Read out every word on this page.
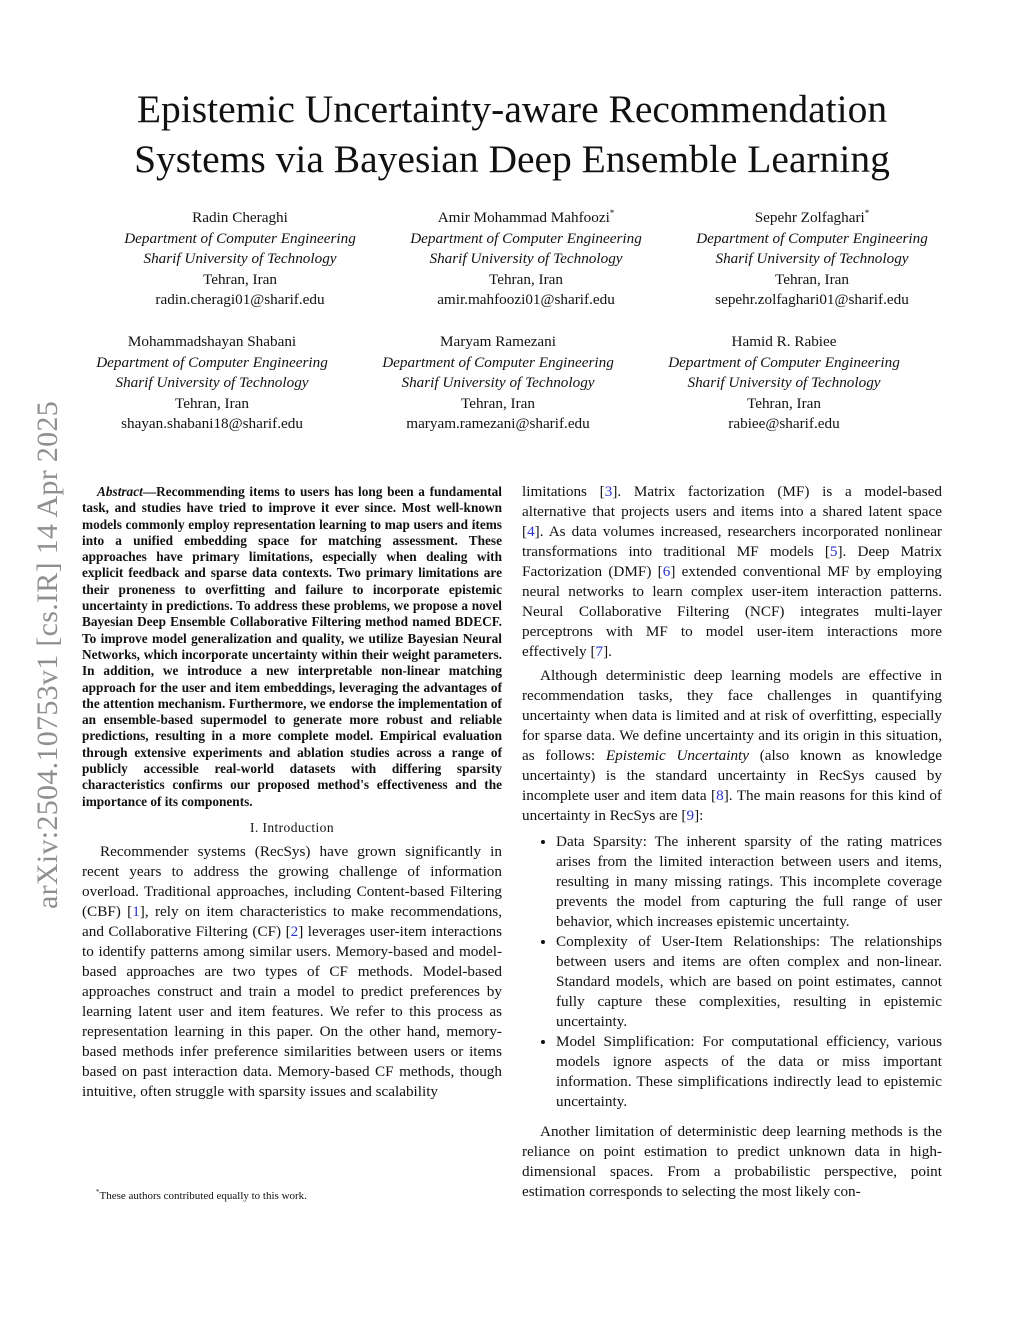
Epistemic Uncertainty-aware Recommendation
Systems via Bayesian Deep Ensemble Learning
arXiv:2504.10753v1 [cs.IR] 14 Apr 2025
Radin Cheraghi
Department of Computer Engineering
Sharif University of Technology
Tehran, Iran
radin.cheragi01@sharif.edu
Amir Mohammad Mahfoozi*
Department of Computer Engineering
Sharif University of Technology
Tehran, Iran
amir.mahfoozi01@sharif.edu
Sepehr Zolfaghari*
Department of Computer Engineering
Sharif University of Technology
Tehran, Iran
sepehr.zolfaghari01@sharif.edu
Mohammadshayan Shabani
Department of Computer Engineering
Sharif University of Technology
Tehran, Iran
shayan.shabani18@sharif.edu
Maryam Ramezani
Department of Computer Engineering
Sharif University of Technology
Tehran, Iran
maryam.ramezani@sharif.edu
Hamid R. Rabiee
Department of Computer Engineering
Sharif University of Technology
Tehran, Iran
rabiee@sharif.edu

Abstract—Recommending items to users has long been a fundamental task, and studies have tried to improve it ever since. Most well-known models commonly employ representation learning to map users and items into a unified embedding space for matching assessment. These approaches have primary limitations, especially when dealing with explicit feedback and sparse data contexts. Two primary limitations are their proneness to overfitting and failure to incorporate epistemic uncertainty in predictions. To address these problems, we propose a novel Bayesian Deep Ensemble Collaborative Filtering method named BDECF. To improve model generalization and quality, we utilize Bayesian Neural Networks, which incorporate uncertainty within their weight parameters. In addition, we introduce a new interpretable non-linear matching approach for the user and item embeddings, leveraging the advantages of the attention mechanism. Furthermore, we endorse the implementation of an ensemble-based supermodel to generate more robust and reliable predictions, resulting in a more complete model. Empirical evaluation through extensive experiments and ablation studies across a range of publicly accessible real-world datasets with differing sparsity characteristics confirms our proposed method's effectiveness and the importance of its components.

I. Introduction

Recommender systems (RecSys) have grown significantly in recent years to address the growing challenge of information overload. Traditional approaches, including Content-based Filtering (CBF) [1], rely on item characteristics to make recommendations, and Collaborative Filtering (CF) [2] leverages user-item interactions to identify patterns among similar users. Memory-based and model-based approaches are two types of CF methods. Model-based approaches construct and train a model to predict preferences by learning latent user and item features. We refer to this process as representation learning in this paper. On the other hand, memory-based methods infer preference similarities between users or items based on past interaction data. Memory-based CF methods, though intuitive, often struggle with sparsity issues and scalability

limitations [3]. Matrix factorization (MF) is a model-based alternative that projects users and items into a shared latent space [4]. As data volumes increased, researchers incorporated nonlinear transformations into traditional MF models [5]. Deep Matrix Factorization (DMF) [6] extended conventional MF by employing neural networks to learn complex user-item interaction patterns. Neural Collaborative Filtering (NCF) integrates multi-layer perceptrons with MF to model user-item interactions more effectively [7].

Although deterministic deep learning models are effective in recommendation tasks, they face challenges in quantifying uncertainty when data is limited and at risk of overfitting, especially for sparse data. We define uncertainty and its origin in this situation, as follows: Epistemic Uncertainty (also known as knowledge uncertainty) is the standard uncertainty in RecSys caused by incomplete user and item data [8]. The main reasons for this kind of uncertainty in RecSys are [9]:

• Data Sparsity: The inherent sparsity of the rating matrices arises from the limited interaction between users and items, resulting in many missing ratings. This incomplete coverage prevents the model from capturing the full range of user behavior, which increases epistemic uncertainty.
• Complexity of User-Item Relationships: The relationships between users and items are often complex and non-linear. Standard models, which are based on point estimates, cannot fully capture these complexities, resulting in epistemic uncertainty.
• Model Simplification: For computational efficiency, various models ignore aspects of the data or miss important information. These simplifications indirectly lead to epistemic uncertainty.

Another limitation of deterministic deep learning methods is the reliance on point estimation to predict unknown data in high-dimensional spaces. From a probabilistic perspective, point estimation corresponds to selecting the most likely con-

*These authors contributed equally to this work.
